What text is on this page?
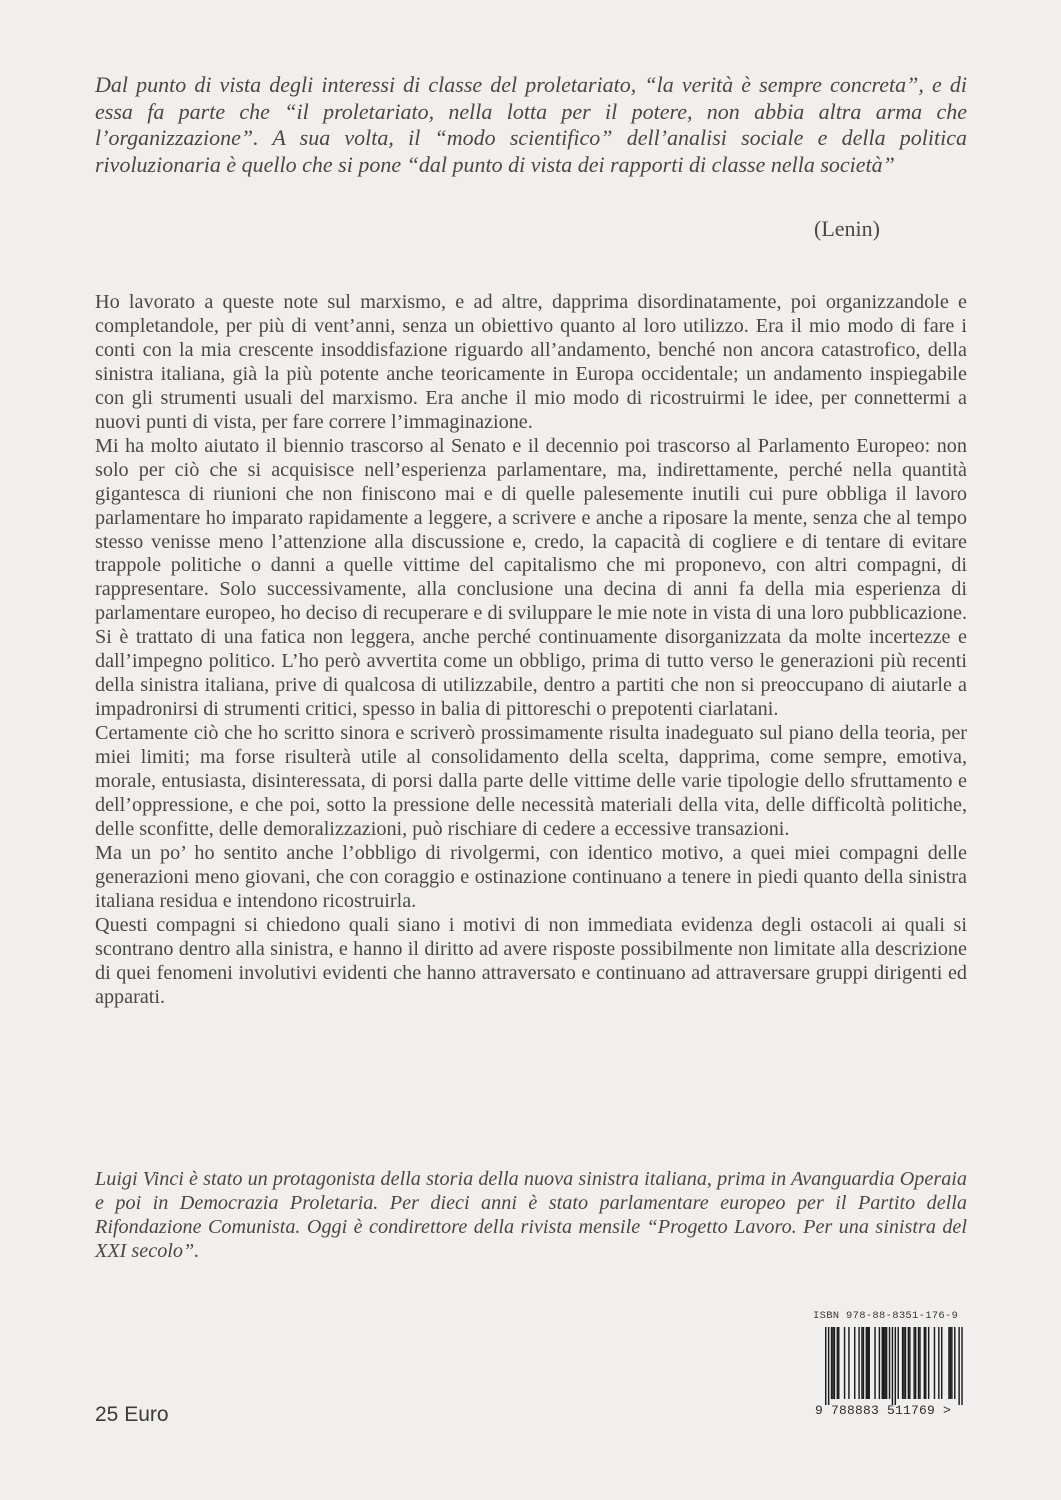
Dal punto di vista degli interessi di classe del proletariato, “la verità è sempre concreta”, e di essa fa parte che “il proletariato, nella lotta per il potere, non abbia altra arma che l’organizzazione”. A sua volta, il “modo scientifico” dell’analisi sociale e della politica rivoluzionaria è quello che si pone “dal punto di vista dei rapporti di classe nella società”

(Lenin)

Ho lavorato a queste note sul marxismo, e ad altre, dapprima disordinatamente, poi organizzandole e completandole, per più di vent’anni, senza un obiettivo quanto al loro utilizzo. Era il mio modo di fare i conti con la mia crescente insoddisfazione riguardo all’andamento, benché non ancora catastrofico, della sinistra italiana, già la più potente anche teoricamente in Europa occidentale; un andamento inspiegabile con gli strumenti usuali del marxismo. Era anche il mio modo di ricostruirmi le idee, per connettermi a nuovi punti di vista, per fare correre l’immaginazione.

Mi ha molto aiutato il biennio trascorso al Senato e il decennio poi trascorso al Parlamento Europeo: non solo per ciò che si acquisisce nell’esperienza parlamentare, ma, indirettamente, perché nella quantità gigantesca di riunioni che non finiscono mai e di quelle palesemente inutili cui pure obbliga il lavoro parlamentare ho imparato rapidamente a leggere, a scrivere e anche a riposare la mente, senza che al tempo stesso venisse meno l’attenzione alla discussione e, credo, la capacità di cogliere e di tentare di evitare trappole politiche o danni a quelle vittime del capitalismo che mi proponevo, con altri compagni, di rappresentare. Solo successivamente, alla conclusione una decina di anni fa della mia esperienza di parlamentare europeo, ho deciso di recuperare e di sviluppare le mie note in vista di una loro pubblicazione. Si è trattato di una fatica non leggera, anche perché continuamente disorganizzata da molte incertezze e dall’impegno politico. L’ho però avvertita come un obbligo, prima di tutto verso le generazioni più recenti della sinistra italiana, prive di qualcosa di utilizzabile, dentro a partiti che non si preoccupano di aiutarle a impadronirsi di strumenti critici, spesso in balia di pittoreschi o prepotenti ciarlatani.

Certamente ciò che ho scritto sinora e scriverò prossimamente risulta inadeguato sul piano della teoria, per miei limiti; ma forse risulterà utile al consolidamento della scelta, dapprima, come sempre, emotiva, morale, entusiasta, disinteressata, di porsi dalla parte delle vittime delle varie tipologie dello sfruttamento e dell’oppressione, e che poi, sotto la pressione delle necessità materiali della vita, delle difficoltà politiche, delle sconfitte, delle demoralizzazioni, può rischiare di cedere a eccessive transazioni.

Ma un po’ ho sentito anche l’obbligo di rivolgermi, con identico motivo, a quei miei compagni delle generazioni meno giovani, che con coraggio e ostinazione continuano a tenere in piedi quanto della sinistra italiana residua e intendono ricostruirla.

Questi compagni si chiedono quali siano i motivi di non immediata evidenza degli ostacoli ai quali si scontrano dentro alla sinistra, e hanno il diritto ad avere risposte possibilmente non limitate alla descrizione di quei fenomeni involutivi evidenti che hanno attraversato e continuano ad attraversare gruppi dirigenti ed apparati.

Luigi Vinci è stato un protagonista della storia della nuova sinistra italiana, prima in Avanguardia Operaia e poi in Democrazia Proletaria. Per dieci anni è stato parlamentare europeo per il Partito della Rifondazione Comunista. Oggi è condirettore della rivista mensile “Progetto Lavoro. Per una sinistra del XXI secolo”.

25 Euro

ISBN 978-88-8351-176-9
9 788883 511769 >
